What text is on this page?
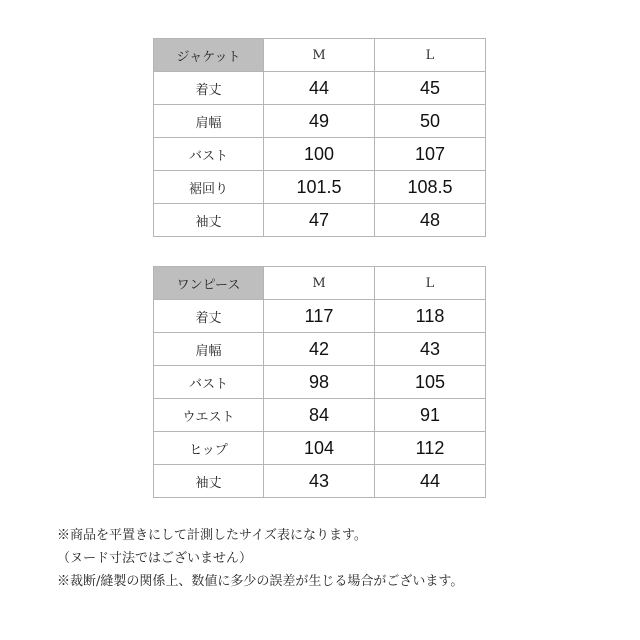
ジャケット	M	L
着丈	44	45
肩幅	49	50
バスト	100	107
裾回り	101.5	108.5
袖丈	47	48
ワンピース	M	L
着丈	117	118
肩幅	42	43
バスト	98	105
ウエスト	84	91
ヒップ	104	112
袖丈	43	44

※商品を平置きにして計測したサイズ表になります。

（ヌード寸法ではございません）

※裁断/縫製の関係上、数値に多少の誤差が生じる場合がございます。
